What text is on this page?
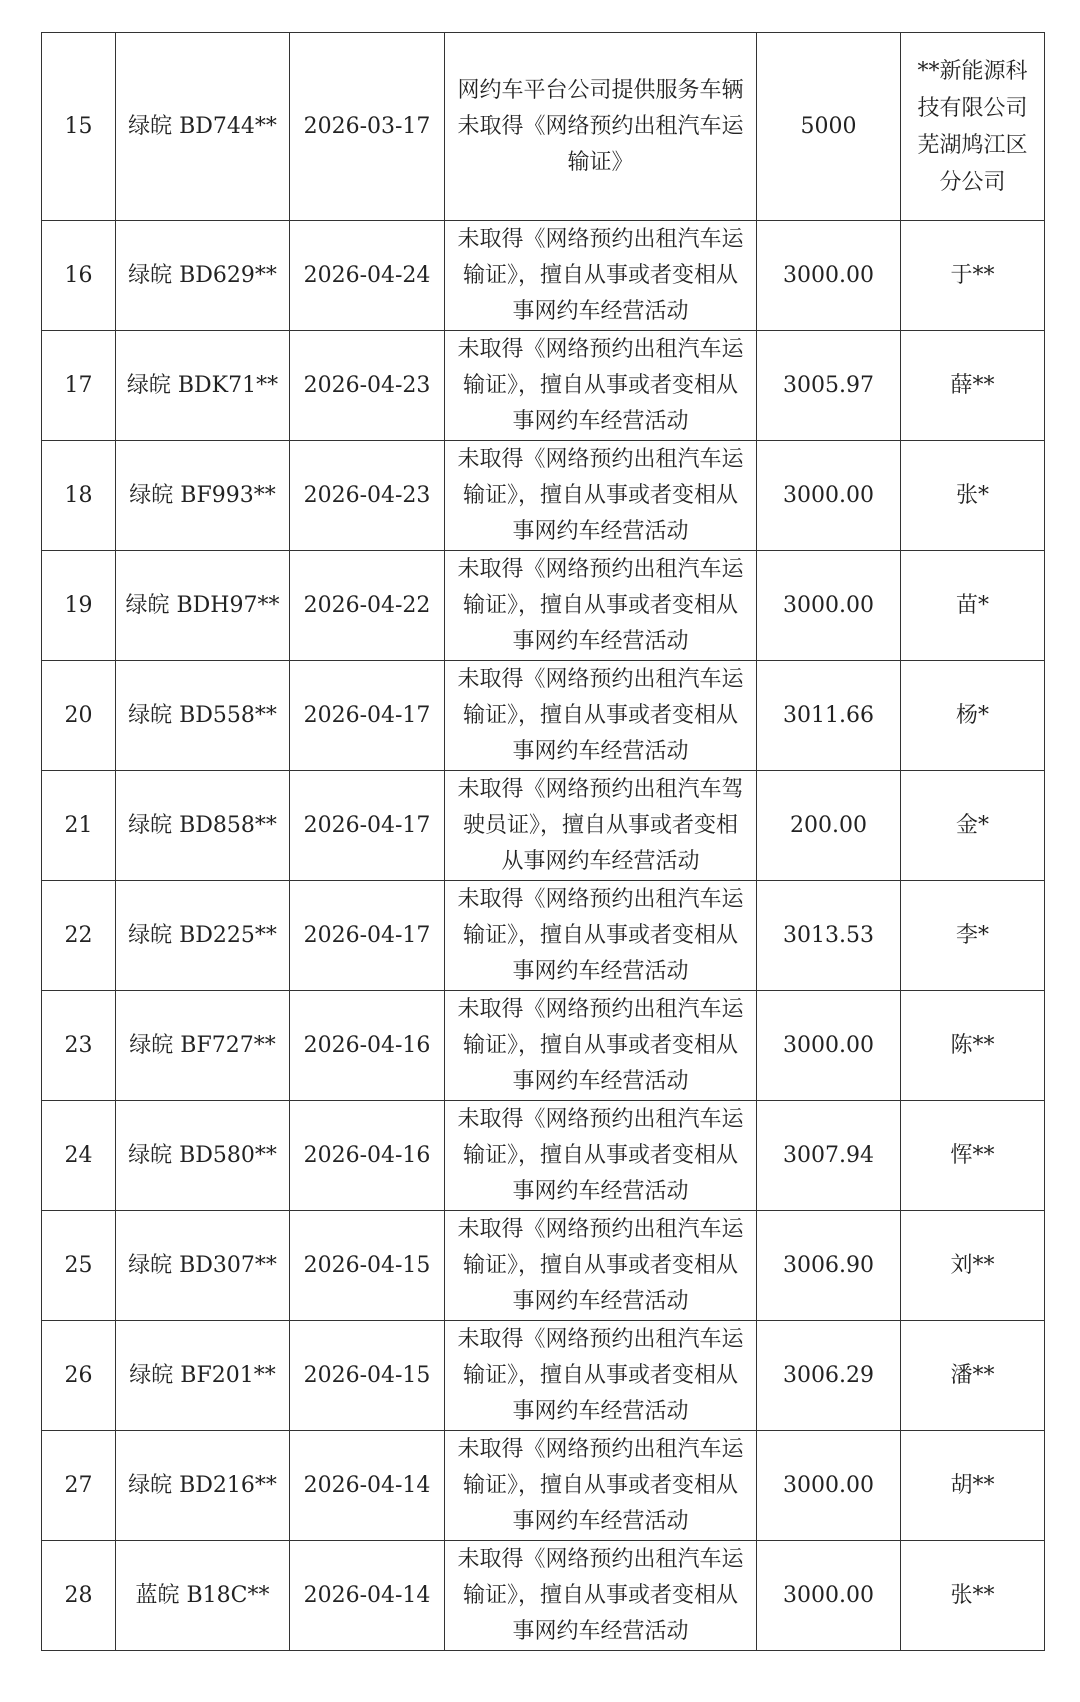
15	绿皖 BD744**	2026-03-17	网约车平台公司提供服务车辆未取得《网络预约出租汽车运输证》	5000	**新能源科技有限公司芜湖鸠江区分公司
16	绿皖 BD629**	2026-04-24	未取得《网络预约出租汽车运输证》，擅自从事或者变相从事网约车经营活动	3000.00	于**
17	绿皖 BDK71**	2026-04-23	未取得《网络预约出租汽车运输证》，擅自从事或者变相从事网约车经营活动	3005.97	薛**
18	绿皖 BF993**	2026-04-23	未取得《网络预约出租汽车运输证》，擅自从事或者变相从事网约车经营活动	3000.00	张*
19	绿皖 BDH97**	2026-04-22	未取得《网络预约出租汽车运输证》，擅自从事或者变相从事网约车经营活动	3000.00	苗*
20	绿皖 BD558**	2026-04-17	未取得《网络预约出租汽车运输证》，擅自从事或者变相从事网约车经营活动	3011.66	杨*
21	绿皖 BD858**	2026-04-17	未取得《网络预约出租汽车驾驶员证》，擅自从事或者变相从事网约车经营活动	200.00	金*
22	绿皖 BD225**	2026-04-17	未取得《网络预约出租汽车运输证》，擅自从事或者变相从事网约车经营活动	3013.53	李*
23	绿皖 BF727**	2026-04-16	未取得《网络预约出租汽车运输证》，擅自从事或者变相从事网约车经营活动	3000.00	陈**
24	绿皖 BD580**	2026-04-16	未取得《网络预约出租汽车运输证》，擅自从事或者变相从事网约车经营活动	3007.94	恽**
25	绿皖 BD307**	2026-04-15	未取得《网络预约出租汽车运输证》，擅自从事或者变相从事网约车经营活动	3006.90	刘**
26	绿皖 BF201**	2026-04-15	未取得《网络预约出租汽车运输证》，擅自从事或者变相从事网约车经营活动	3006.29	潘**
27	绿皖 BD216**	2026-04-14	未取得《网络预约出租汽车运输证》，擅自从事或者变相从事网约车经营活动	3000.00	胡**
28	蓝皖 B18C**	2026-04-14	未取得《网络预约出租汽车运输证》，擅自从事或者变相从事网约车经营活动	3000.00	张**
